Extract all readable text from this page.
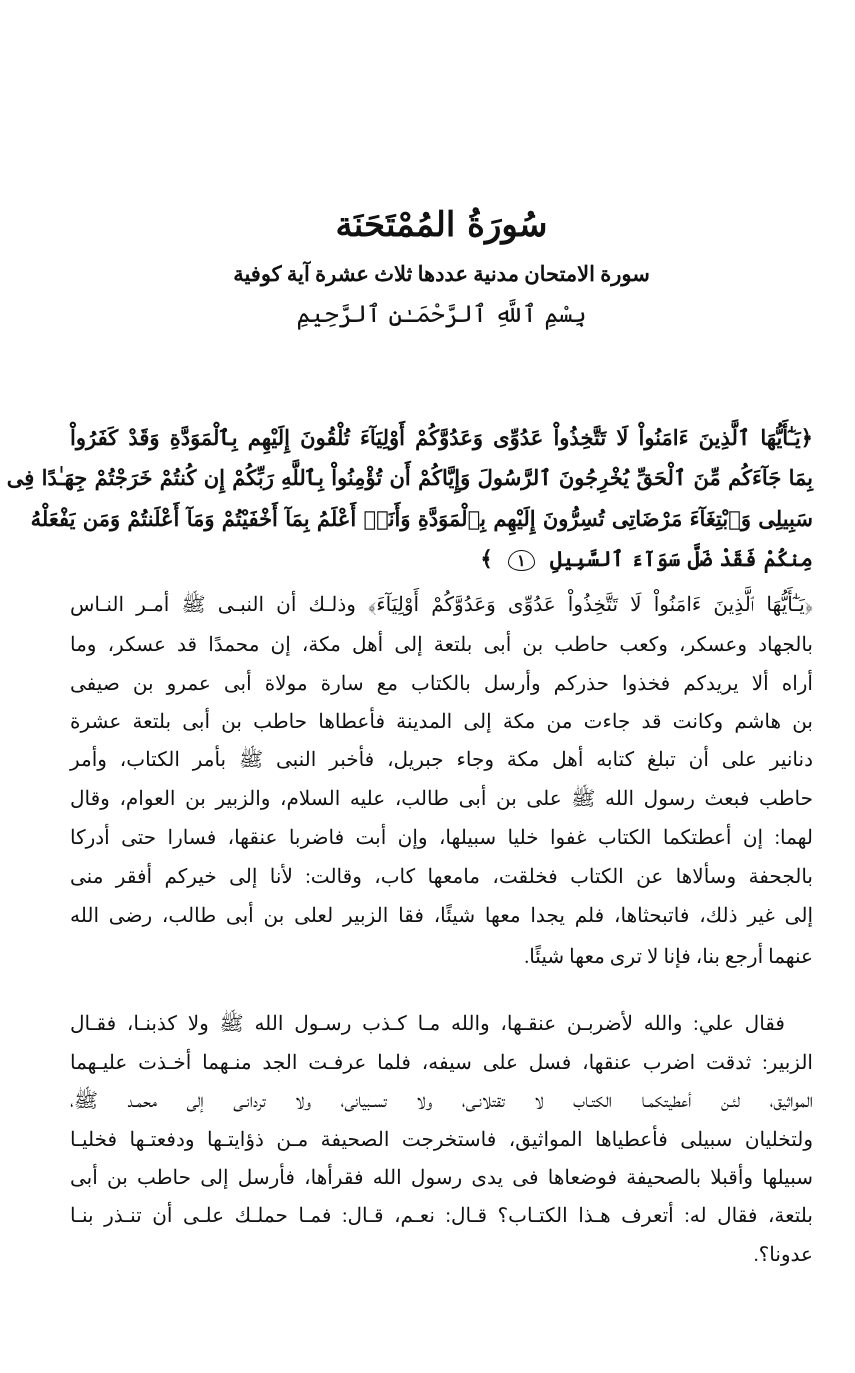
سُورَةُ المُمْتَحَنَة
سورة الامتحان مدنية عددها ثلاث عشرة آية كوفية
بِسْمِ ٱللَّهِ ٱلرَّحْمَـٰنِ ٱلرَّحِيمِ
﴿يَـٰٓأَيُّهَا ٱلَّذِينَ ءَامَنُواْ لَا تَتَّخِذُواْ عَدُوِّى وَعَدُوَّكُمْ أَوْلِيَآءَ تُلْقُونَ إِلَيْهِم بِٱلْمَوَدَّةِ وَقَدْ كَفَرُواْ
بِمَا جَآءَكُم مِّنَ ٱلْحَقِّ يُخْرِجُونَ ٱلرَّسُولَ وَإِيَّاكُمْ أَن تُؤْمِنُواْ بِٱللَّهِ رَبِّكُمْ إِن كُنتُمْ خَرَجْتُمْ جِهَـٰدًا فِى
سَبِيلِى وَٱبْتِغَآءَ مَرْضَاتِى تُسِرُّونَ إِلَيْهِم بِٱلْمَوَدَّةِ وَأَنَا۠ أَعْلَمُ بِمَآ أَخْفَيْتُمْ وَمَآ أَعْلَنتُمْ وَمَن يَفْعَلْهُ
مِنكُمْ فَقَدْ ضَلَّ سَوَآءَ ٱلسَّبِيلِ ١ ﴾
﴿يَـٰٓأَيُّهَا ٱلَّذِينَ ءَامَنُواْ لَا تَتَّخِذُواْ عَدُوِّى وَعَدُوَّكُمْ أَوْلِيَآءَ﴾ وذلـك أن النبـى ﷺ أمـر النـاس
بالجهاد وعسكر، وكعب حاطب بن أبى بلتعة إلى أهل مكة، إن محمدًا قد عسكر، وما
أراه ألا يريدكم فخذوا حذركم وأرسل بالكتاب مع سارة مولاة أبى عمرو بن صيفى
بن هاشم وكانت قد جاءت من مكة إلى المدينة فأعطاها حاطب بن أبى بلتعة عشرة
دنانير على أن تبلغ كتابه أهل مكة وجاء جبريل، فأخبر النبى ﷺ بأمر الكتاب، وأمر
حاطب فبعث رسول الله ﷺ على بن أبى طالب، عليه السلام، والزبير بن العوام، وقال
لهما: إن أعطتكما الكتاب غفوا خليا سبيلها، وإن أبت فاضربا عنقها، فسارا حتى أدركا
بالجحفة وسألاها عن الكتاب فخلقت، مامعها كاب، وقالت: لأنا إلى خيركم أفقر منى
إلى غير ذلك، فاتبحثاها، فلم يجدا معها شيئًا، فقا الزبير لعلى بن أبى طالب، رضى الله
عنهما أرجع بنا، فإنا لا ترى معها شيئًا.
فقال علي: والله لأضربـن عنقـها، والله مـا كـذب رسـول الله ﷺ ولا كذبنـا، فقـال
الزبير: ثدقت اضرب عنقها، فسل على سيفه، فلما عرفـت الجد منـهما أخـذت عليـهما
المواثيق، لئـن أعطيتكمـا الكتـاب لا تقتلانـى، ولا تسـبيانى، ولا تردانـى إلى محمـد ﷺ،
ولتخليان سبيلى فأعطياها المواثيق، فاستخرجت الصحيفة مـن ذؤايتـها ودفعتـها فخليـا
سبيلها وأقبلا بالصحيفة فوضعاها فى يدى رسول الله فقرأها، فأرسل إلى حاطب بن أبى
بلتعة، فقال له: أتعرف هـذا الكتـاب؟ قـال: نعـم، قـال: فمـا حملـك علـى أن تنـذر بنـا
عدونا؟.
